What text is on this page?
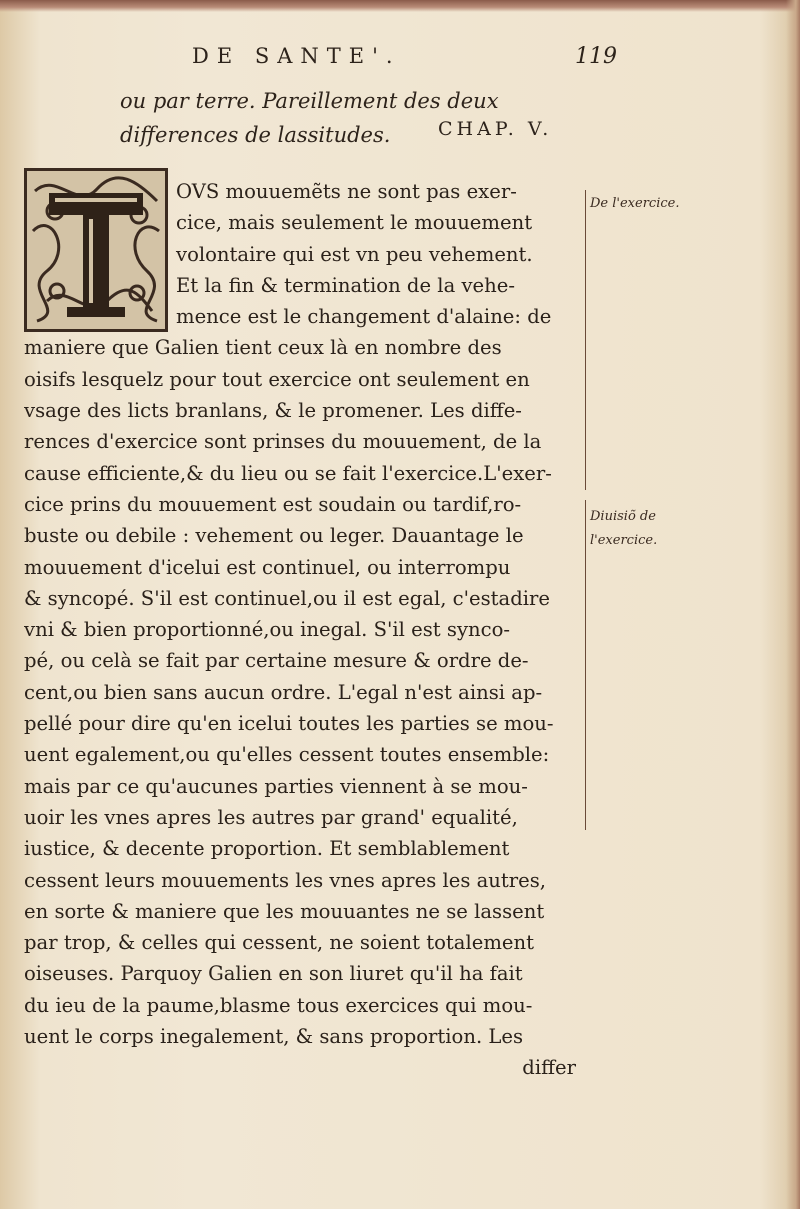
DE SANTE'.	119
ou par terre. Pareillement des deux differences de lassitudes.	CHAP. V.
OVS mouuemẽts ne sont pas exer-
cice, mais seulement le mouuement
volontaire qui est vn peu vehement.
Et la fin & termination de la vehe-
mence est le changement d'alaine: de
maniere que Galien tient ceux là en nombre des
oisifs lesquelz pour tout exercice ont seulement en
vsage des licts branlans, & le promener. Les diffe-
rences d'exercice sont prinses du mouuement, de la
cause efficiente,& du lieu ou se fait l'exercice.L'exer-
cice prins du mouuement est soudain ou tardif,ro-
buste ou debile : vehement ou leger. Dauantage le
mouuement d'icelui est continuel, ou interrompu
& syncopé. S'il est continuel,ou il est egal, c'estadire
vni & bien proportionné,ou inegal. S'il est synco-
pé, ou celà se fait par certaine mesure & ordre de-
cent,ou bien sans aucun ordre. L'egal n'est ainsi ap-
pellé pour dire qu'en icelui toutes les parties se mou-
uent egalement,ou qu'elles cessent toutes ensemble:
mais par ce qu'aucunes parties viennent à se mou-
uoir les vnes apres les autres par grand' equalité,
iustice, & decente proportion. Et semblablement
cessent leurs mouuements les vnes apres les autres,
en sorte & maniere que les mouuantes ne se lassent
par trop, & celles qui cessent, ne soient totalement
oiseuses. Parquoy Galien en son liuret qu'il ha fait
du ieu de la paume,blasme tous exercices qui mou-
uent le corps inegalement, & sans proportion. Les
differ
De l'exercice.
Diuisiõ de l'exercice.
